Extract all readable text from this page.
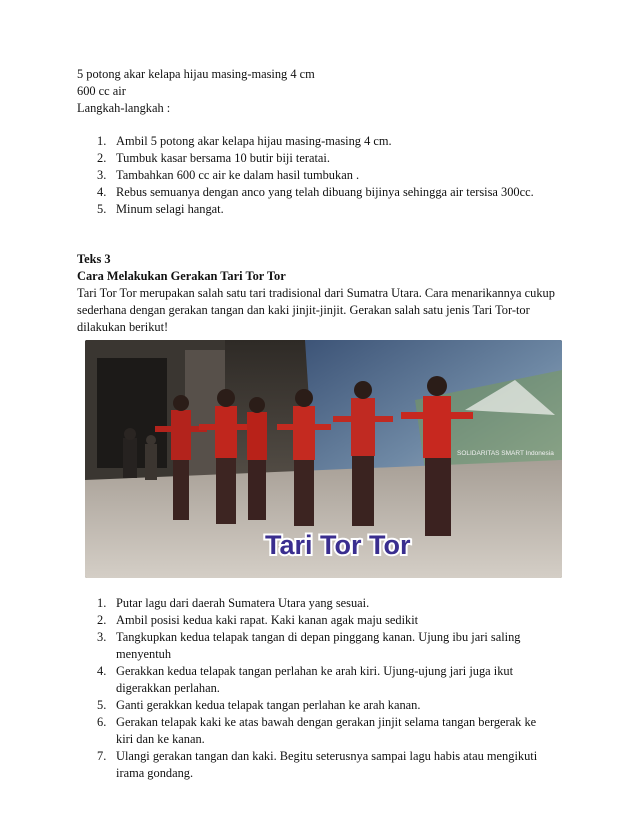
5 potong akar kelapa hijau masing-masing 4 cm
600 cc air
Langkah-langkah :
1. Ambil 5 potong akar kelapa hijau masing-masing 4 cm.
2. Tumbuk kasar bersama 10 butir biji teratai.
3. Tambahkan 600 cc air ke dalam hasil tumbukan .
4. Rebus semuanya dengan anco yang telah dibuang bijinya sehingga air tersisa 300cc.
5. Minum selagi hangat.
Teks 3
Cara Melakukan Gerakan Tari Tor Tor
Tari Tor Tor merupakan salah satu tari tradisional dari Sumatra Utara. Cara menarikannya cukup sederhana dengan gerakan tangan dan kaki jinjit-jinjit. Gerakan salah satu jenis Tari Tor-tor dilakukan berikut!
Tari Tor Tor
SOLIDARITAS SMART Indonesia
1. Putar lagu dari daerah Sumatera Utara yang sesuai.
2. Ambil posisi kedua kaki rapat. Kaki kanan agak maju sedikit
3. Tangkupkan kedua telapak tangan di depan pinggang kanan. Ujung ibu jari saling menyentuh
4. Gerakkan kedua telapak tangan perlahan ke arah kiri. Ujung-ujung jari juga ikut digerakkan perlahan.
5. Ganti gerakkan kedua telapak tangan perlahan ke arah kanan.
6. Gerakan telapak kaki ke atas bawah dengan gerakan jinjit selama tangan bergerak ke kiri dan ke kanan.
7. Ulangi gerakan tangan dan kaki. Begitu seterusnya sampai lagu habis atau mengikuti irama gondang.
